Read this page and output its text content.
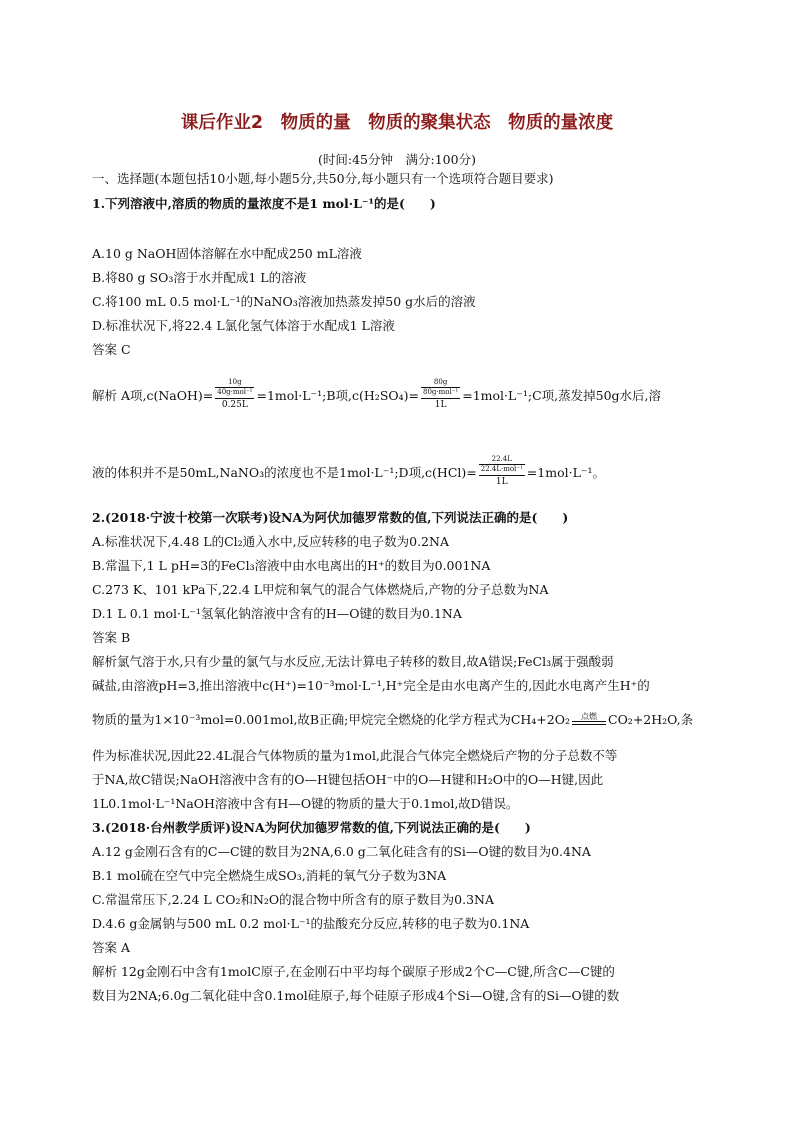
课后作业2　物质的量　物质的聚集状态　物质的量浓度
(时间:45分钟　满分:100分)
一、选择题(本题包括10小题,每小题5分,共50分,每小题只有一个选项符合题目要求)
1.下列溶液中,溶质的物质的量浓度不是1 mol·L⁻¹的是(　　)
A.10 g NaOH固体溶解在水中配成250 mL溶液
B.将80 g SO₃溶于水并配成1 L的溶液
C.将100 mL 0.5 mol·L⁻¹的NaNO₃溶液加热蒸发掉50 g水后的溶液
D.标准状况下,将22.4 L氯化氢气体溶于水配成1 L溶液
答案 C
解析 A项,c(NaOH)= $\frac{\frac{10g}{\text{40g·mol⁻¹}}}{0.25L}$ =1mol·L⁻¹;B项$,c(H_2SO_4)= \frac{\frac{80g}{\text{80g·mol⁻¹}}}{1L}$ =1mol·L⁻¹;C项,蒸发掉50g水后,溶
液的体积并不是50mL,NaNO₃的浓度也不是1mol·L⁻¹;D项$,c(HCl)= \frac{\frac{22.4L}{\text{22.4L·mol⁻¹}}}{1L} =1mol\cdot L^{-1}$。
2.(2018·宁波十校第一次联考)设NA为阿伏加德罗常数的值,下列说法正确的是(　　)
A.标准状况下,4.48 L的Cl₂通入水中,反应转移的电子数为0.2NA
B.常温下,1 L pH=3的FeCl₃溶液中由水电离出的H⁺的数目为0.001NA
C.273 K、101 kPa下,22.4 L甲烷和氧气的混合气体燃烧后,产物的分子总数为NA
D.1 L 0.1 mol·L⁻¹氢氧化钠溶液中含有的H—O键的数目为0.1NA
答案 B
解析氯气溶于水,只有少量的氯气与水反应,无法计算电子转移的数目,故A错误;FeCl₃属于强酸弱
碱盐,由溶液pH=3,推出溶液中c(H⁺)=10⁻³mol·L⁻¹,H⁺完全是由水电离产生的,因此水电离产生H⁺的
物质的量为1×10⁻³mol=0.001mol,故B正确;甲烷完全燃烧的化学方程式为CH₄+2O₂	点燃 CO₂+2H₂O,条
件为标准状况,因此22.4L混合气体物质的量为1mol,此混合气体完全燃烧后产物的分子总数不等
于NA,故C错误;NaOH溶液中含有的O—H键包括OH⁻中的O—H键和H₂O中的O—H键,因此
1L0.1mol·L⁻¹NaOH溶液中含有H—O键的物质的量大于0.1mol,故D错误。
3.(2018·台州教学质评)设NA为阿伏加德罗常数的值,下列说法正确的是(　　)
A.12 g金刚石含有的C—C键的数目为2NA,6.0 g二氧化硅含有的Si—O键的数目为0.4NA
B.1 mol硫在空气中完全燃烧生成SO₃,消耗的氧气分子数为3NA
C.常温常压下,2.24 L CO₂和N₂O的混合物中所含有的原子数目为0.3NA
D.4.6 g金属钠与500 mL 0.2 mol·L⁻¹的盐酸充分反应,转移的电子数为0.1NA
答案 A
解析 12g金刚石中含有1molC原子,在金刚石中平均每个碳原子形成2个C—C键,所含C—C键的
数目为2NA;6.0g二氧化硅中含0.1mol硅原子,每个硅原子形成4个Si—O键,含有的Si—O键的数
